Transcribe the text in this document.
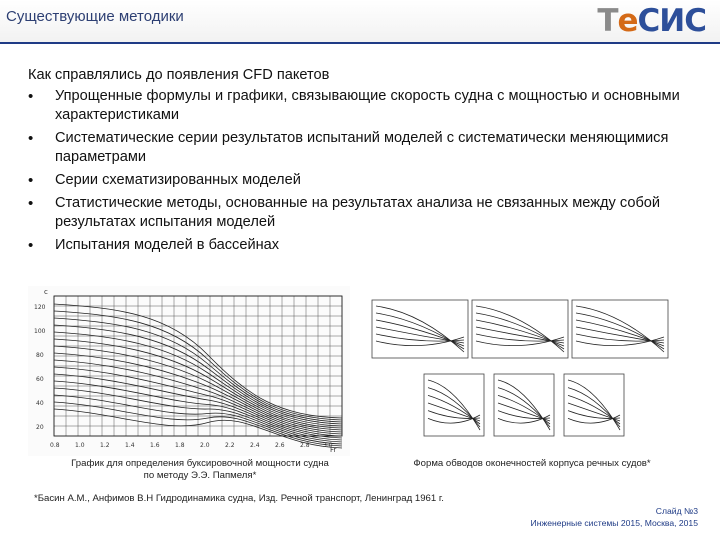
Существующие методики	ТеСИС
Как справлялись до появления CFD пакетов
• Упрощенные формулы и графики, связывающие скорость судна с мощностью и основными характеристиками
• Систематические серии результатов испытаний моделей с систематически меняющимися параметрами
• Серии схематизированных моделей
• Статистические методы, основанные на результатах анализа не связанных между собой результатах испытания моделей
• Испытания моделей в бассейнах
c
Fr
20
40
60
80
100
120
0.8	1.0	1.2	1.4	1.6	1.8	2.0	2.2	2.4	2.6	2.8 3.0
График для определения буксировочной мощности судна
по методу Э.Э. Папмеля*
Форма обводов оконечностей корпуса речных судов*
*Басин А.М., Анфимов В.Н Гидродинамика судна, Изд. Речной транспорт, Ленинград 1961 г.
Слайд №3
Инженерные системы 2015, Москва, 2015
